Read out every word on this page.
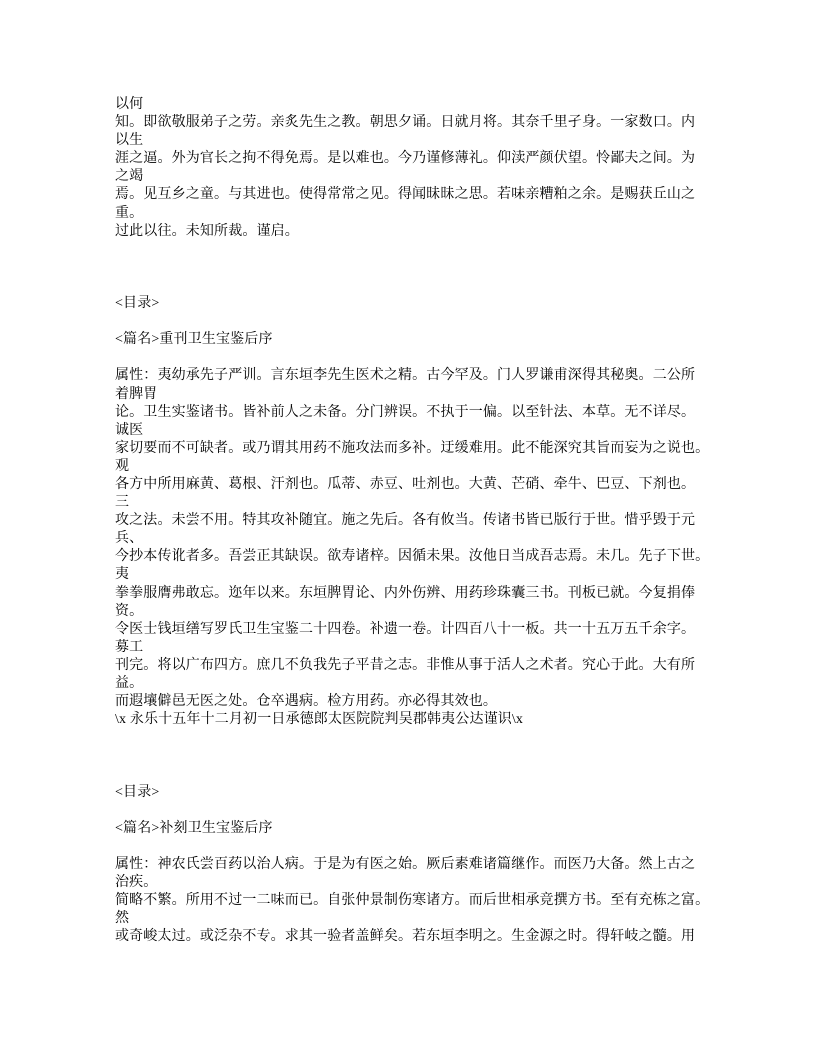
以何
知。即欲敬服弟子之劳。亲炙先生之教。朝思夕诵。日就月将。其奈千里孑身。一家数口。内
以生
涯之逼。外为官长之拘不得免焉。是以难也。今乃谨修薄礼。仰渎严颜伏望。怜鄙夫之间。为
之竭
焉。见互乡之童。与其进也。使得常常之见。得闻昧昧之思。若味亲糟粕之余。是赐获丘山之
重。
过此以往。未知所裁。谨启。
<目录>
<篇名>重刊卫生宝鉴后序
属性：夷幼承先子严训。言东垣李先生医术之精。古今罕及。门人罗谦甫深得其秘奥。二公所
着脾胃
论。卫生实鉴诸书。皆补前人之未备。分门辨误。不执于一偏。以至针法、本草。无不详尽。
诚医
家切要而不可缺者。或乃谓其用药不施攻法而多补。迂缓难用。此不能深究其旨而妄为之说也。
观
各方中所用麻黄、葛根、汗剂也。瓜蒂、赤豆、吐剂也。大黄、芒硝、牵牛、巴豆、下剂也。
三
攻之法。未尝不用。特其攻补随宜。施之先后。各有攸当。传诸书皆已版行于世。惜乎毁于元
兵、
今抄本传讹者多。吾尝正其缺误。欲寿诸梓。因循未果。汝他日当成吾志焉。未几。先子下世。
夷
拳拳服膺弗敢忘。迩年以来。东垣脾胃论、内外伤辨、用药珍珠囊三书。刊板已就。今复捐俸
资。
令医士钱垣缮写罗氏卫生宝鉴二十四卷。补遗一卷。计四百八十一板。共一十五万五千余字。
募工
刊完。将以广布四方。庶几不负我先子平昔之志。非惟从事于活人之术者。究心于此。大有所
益。
而遐壤僻邑无医之处。仓卒遇病。检方用药。亦必得其效也。
\x 永乐十五年十二月初一日承德郎太医院院判吴郡韩夷公达谨识\x
<目录>
<篇名>补刻卫生宝鉴后序
属性：神农氏尝百药以治人病。于是为有医之始。厥后素难诸篇继作。而医乃大备。然上古之
治疾。
简略不繁。所用不过一二味而已。自张仲景制伤寒诸方。而后世相承竞撰方书。至有充栋之富。
然
或奇峻太过。或泛杂不专。求其一验者盖鲜矣。若东垣李明之。生金源之时。得轩岐之髓。用
